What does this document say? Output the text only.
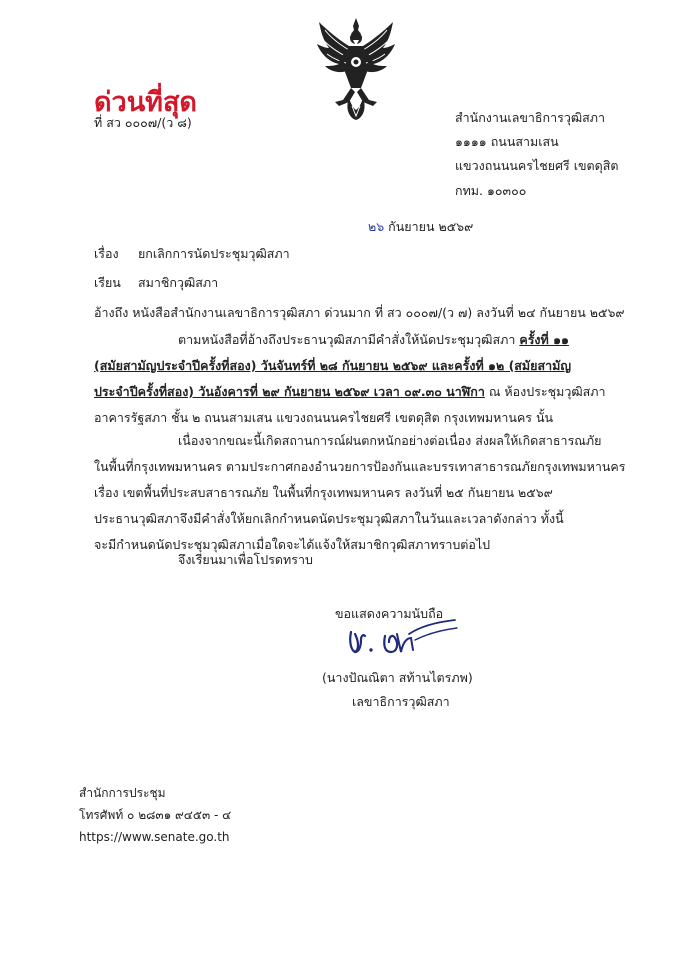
ด่วนที่สุด
ที่ สว ๐๐๐๗/(ว ๘)	สำนักงานเลขาธิการวุฒิสภา
๑๑๑๑ ถนนสามเสน
แขวงถนนนครไชยศรี เขตดุสิต
กทม. ๑๐๓๐๐
๒๖ กันยายน ๒๕๖๙
เรื่อง ยกเลิกการนัดประชุมวุฒิสภา
เรียน สมาชิกวุฒิสภา
อ้างถึง หนังสือสำนักงานเลขาธิการวุฒิสภา ด่วนมาก ที่ สว ๐๐๐๗/(ว ๗) ลงวันที่ ๒๔ กันยายน ๒๕๖๙
ตามหนังสือที่อ้างถึงประธานวุฒิสภามีคำสั่งให้นัดประชุมวุฒิสภา ครั้งที่ ๑๑
(สมัยสามัญประจำปีครั้งที่สอง) วันจันทร์ที่ ๒๘ กันยายน ๒๕๖๙ และครั้งที่ ๑๒ (สมัยสามัญ
ประจำปีครั้งที่สอง) วันอังคารที่ ๒๙ กันยายน ๒๕๖๙ เวลา ๐๙.๓๐ นาฬิกา ณ ห้องประชุมวุฒิสภา
อาคารรัฐสภา ชั้น ๒ ถนนสามเสน แขวงถนนนครไชยศรี เขตดุสิต กรุงเทพมหานคร นั้น
เนื่องจากขณะนี้เกิดสถานการณ์ฝนตกหนักอย่างต่อเนื่อง ส่งผลให้เกิดสาธารณภัย
ในพื้นที่กรุงเทพมหานคร ตามประกาศกองอำนวยการป้องกันและบรรเทาสาธารณภัยกรุงเทพมหานคร
เรื่อง เขตพื้นที่ประสบสาธารณภัย ในพื้นที่กรุงเทพมหานคร ลงวันที่ ๒๕ กันยายน ๒๕๖๙
ประธานวุฒิสภาจึงมีคำสั่งให้ยกเลิกกำหนดนัดประชุมวุฒิสภาในวันและเวลาดังกล่าว ทั้งนี้
จะมีกำหนดนัดประชุมวุฒิสภาเมื่อใดจะได้แจ้งให้สมาชิกวุฒิสภาทราบต่อไป
จึงเรียนมาเพื่อโปรดทราบ
ขอแสดงความนับถือ
(นางปัณณิตา สท้านไตรภพ)
เลขาธิการวุฒิสภา
สำนักการประชุม
โทรศัพท์ ๐ ๒๘๓๑ ๙๔๕๓ - ๔
https://www.senate.go.th
